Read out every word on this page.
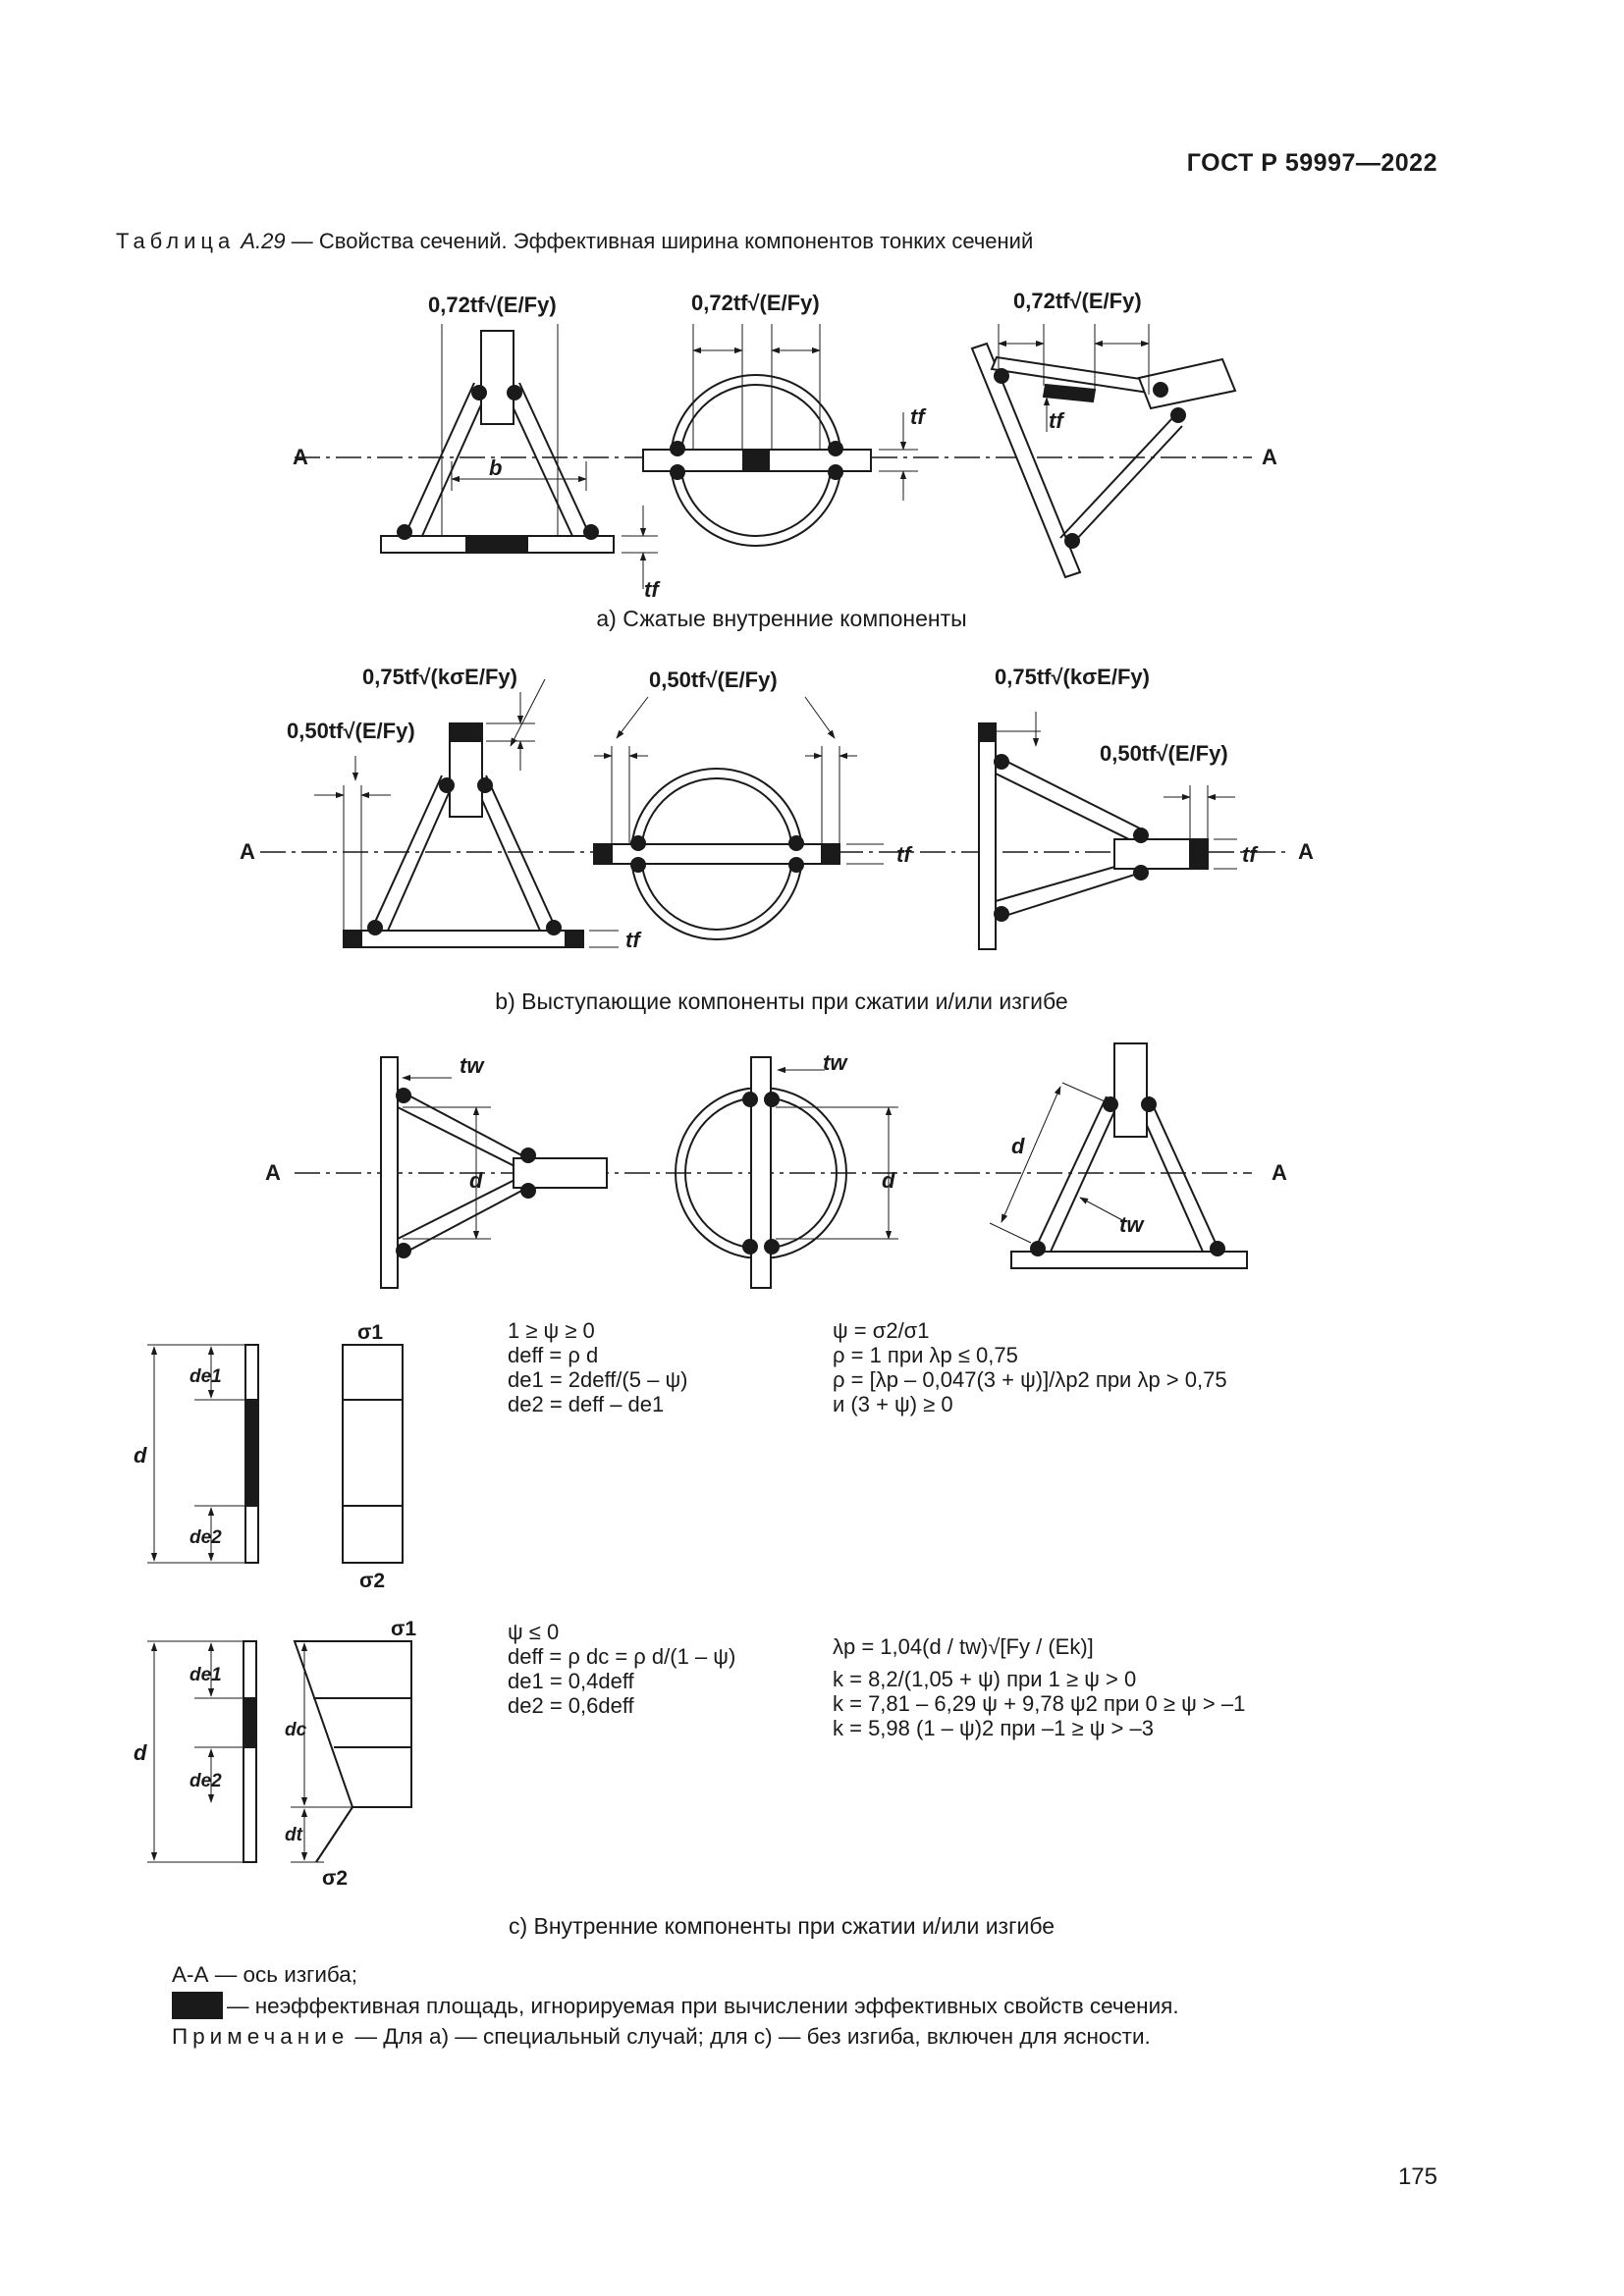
ГОСТ Р 59997—2022
Таблица A.29 — Свойства сечений. Эффективная ширина компонентов тонких сечений
A	A
A	A
A	A
b
0,72tf√(E/Fy)	0,72tf√(E/Fy)	0,72tf√(E/Fy)
0,75tf√(kσE/Fy)
0,50tf√(E/Fy)
0,50tf√(E/Fy)	0,75tf√(kσE/Fy)
0,50tf√(E/Fy)
tf
tf
tf
tf
tf	tf
tw	tw
tw
d	d
d
d
de1
de2
σ1
σ2
d
de1
de2
dc
dt
σ1
σ2
а) Сжатые внутренние компоненты
b) Выступающие компоненты при сжатии и/или изгибе
c) Внутренние компоненты при сжатии и/или изгибе
1 ≥ ψ ≥ 0
deff = ρ d
de1 = 2deff/(5 – ψ)
de2 = deff – de1
ψ = σ2/σ1
ρ = 1 при λp ≤ 0,75
ρ = [λp – 0,047(3 + ψ)]/λp2 при λp > 0,75
и (3 + ψ) ≥ 0
ψ ≤ 0
deff = ρ dc = ρ d/(1 – ψ)
de1 = 0,4deff
de2 = 0,6deff
λp = 1,04(d / tw)√[Fy / (Ek)]
k = 8,2/(1,05 + ψ) при 1 ≥ ψ > 0
k = 7,81 – 6,29 ψ + 9,78 ψ2 при 0 ≥ ψ > –1
k = 5,98 (1 – ψ)2 при –1 ≥ ψ > –3
А-А — ось изгиба;
— неэффективная площадь, игнорируемая при вычислении эффективных свойств сечения.
Примечание — Для а) — специальный случай; для с) — без изгиба, включен для ясности.
175
